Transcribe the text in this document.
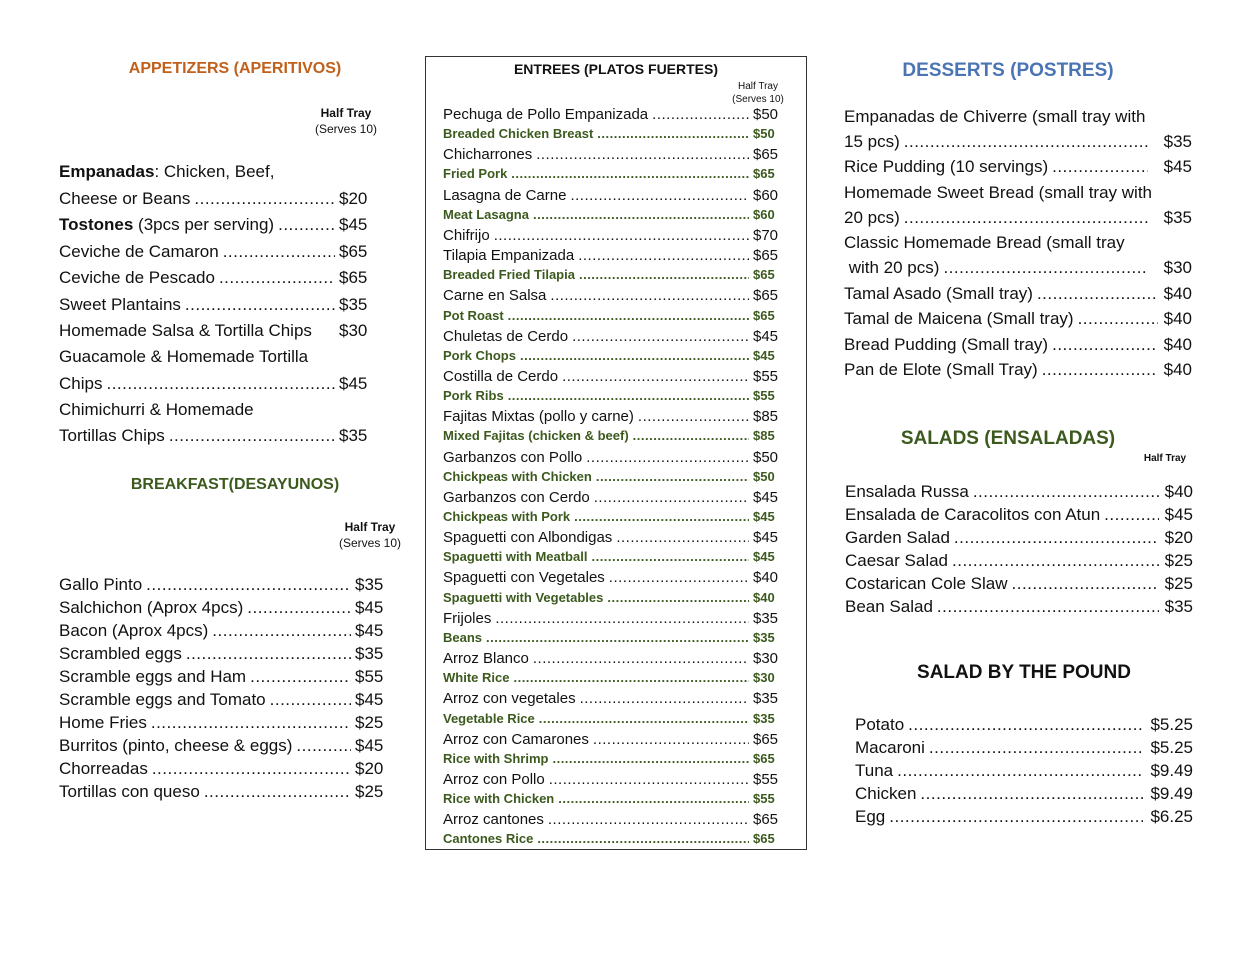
APPETIZERS (APERITIVOS)
Half Tray
(Serves 10)
Empanadas: Chicken, Beef,
Cheese or Beans .....	$20
Tostones (3pcs per serving) .....	$45
Ceviche de Camaron .....	$65
Ceviche de Pescado .....	$65
Sweet Plantains .....	$35
Homemade Salsa & Tortilla Chips $30
Guacamole & Homemade Tortilla
Chips .....	$45
Chimichurri & Homemade
Tortillas Chips .....	$35
BREAKFAST(DESAYUNOS)
Half Tray
(Serves 10)
Gallo Pinto .....	$35
Salchichon (Aprox 4pcs) .....	$45
Bacon (Aprox 4pcs) .....	$45
Scrambled eggs .....	$35
Scramble eggs and Ham .....	$55
Scramble eggs and Tomato .....	$45
Home Fries .....	$25
Burritos (pinto, cheese & eggs) .....	$45
Chorreadas .....	$20
Tortillas con queso .....	$25
ENTREES (PLATOS FUERTES)
Half Tray
(Serves 10)
Pechuga de Pollo Empanizada .....	$50
Breaded Chicken Breast .....	$50
Chicharrones .....	$65
Fried Pork .....	$65
Lasagna de Carne .....	$60
Meat Lasagna .....	$60
Chifrijo .....	$70
Tilapia Empanizada .....	$65
Breaded Fried Tilapia .....	$65
Carne en Salsa .....	$65
Pot Roast .....	$65
Chuletas de Cerdo .....	$45
Pork Chops .....	$45
Costilla de Cerdo .....	$55
Pork Ribs .....	$55
Fajitas Mixtas (pollo y carne) .....	$85
Mixed Fajitas (chicken & beef) .....	$85
Garbanzos con Pollo .....	$50
Chickpeas with Chicken .....	$50
Garbanzos con Cerdo .....	$45
Chickpeas with Pork .....	$45
Spaguetti con Albondigas .....	$45
Spaguetti with Meatball .....	$45
Spaguetti con Vegetales .....	$40
Spaguetti with Vegetables .....	$40
Frijoles .....	$35
Beans .....	$35
Arroz Blanco .....	$30
White Rice .....	$30
Arroz con vegetales .....	$35
Vegetable Rice .....	$35
Arroz con Camarones .....	$65
Rice with Shrimp .....	$65
Arroz con Pollo .....	$55
Rice with Chicken .....	$55
Arroz cantones .....	$65
Cantones Rice .....	$65
DESSERTS (POSTRES)
Empanadas de Chiverre (small tray with
15 pcs) .....	$35
Rice Pudding (10 servings) .....	$45
Homemade Sweet Bread (small tray with
20 pcs) .....	$35
Classic Homemade Bread (small tray
with 20 pcs) .....	$30
Tamal Asado (Small tray) .....	$40
Tamal de Maicena (Small tray) .....	$40
Bread Pudding (Small tray) .....	$40
Pan de Elote (Small Tray) .....	$40
SALADS (ENSALADAS)
Half Tray
Ensalada Russa .....	$40
Ensalada de Caracolitos con Atun .....	$45
Garden Salad .....	$20
Caesar Salad .....	$25
Costarican Cole Slaw .....	$25
Bean Salad .....	$35
SALAD BY THE POUND
Potato .....	$5.25
Macaroni .....	$5.25
Tuna .....	$9.49
Chicken .....	$9.49
Egg .....	$6.25
